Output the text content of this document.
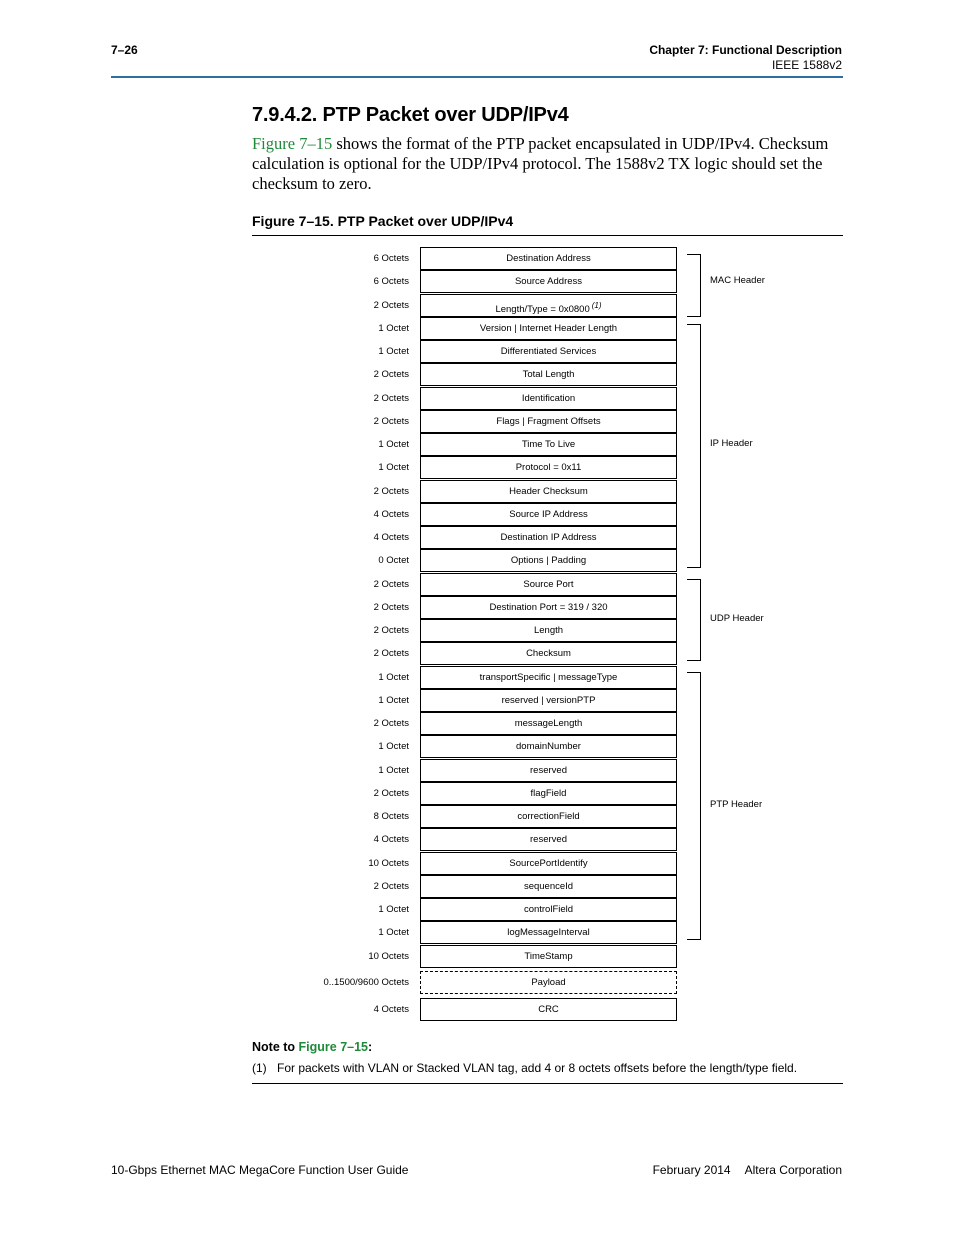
7–26	Chapter 7: Functional Description
IEEE 1588v2
7.9.4.2. PTP Packet over UDP/IPv4
Figure 7–15 shows the format of the PTP packet encapsulated in UDP/IPv4. Checksum calculation is optional for the UDP/IPv4 protocol. The 1588v2 TX logic should set the checksum to zero.
Figure 7–15. PTP Packet over UDP/IPv4
6 Octets	Destination Address
6 Octets	Source Address
2 Octets	Length/Type = 0x0800 $^{(1)}$
1 Octet	Version | Internet Header Length
1 Octet	Differentiated Services
2 Octets	Total Length
2 Octets	Identification
2 Octets	Flags | Fragment Offsets
1 Octet	Time To Live
1 Octet	Protocol = 0x11
2 Octets	Header Checksum
4 Octets	Source IP Address
4 Octets	Destination IP Address
0 Octet	Options | Padding
2 Octets	Source Port
2 Octets	Destination Port = 319 / 320
2 Octets	Length
2 Octets	Checksum
1 Octet	transportSpecific | messageType
1 Octet	reserved | versionPTP
2 Octets	messageLength
1 Octet	domainNumber
1 Octet	reserved
2 Octets	flagField
8 Octets	correctionField
4 Octets	reserved
10 Octets	SourcePortIdentify
2 Octets	sequenceId
1 Octet	controlField
1 Octet	logMessageInterval
10 Octets	TimeStamp
0..1500/9600 Octets	Payload
4 Octets	CRC
MAC Header
IP Header
UDP Header
PTP Header
Note to Figure 7–15:
(1) For packets with VLAN or Stacked VLAN tag, add 4 or 8 octets offsets before the length/type field.
10-Gbps Ethernet MAC MegaCore Function User Guide	February 2014 Altera Corporation
